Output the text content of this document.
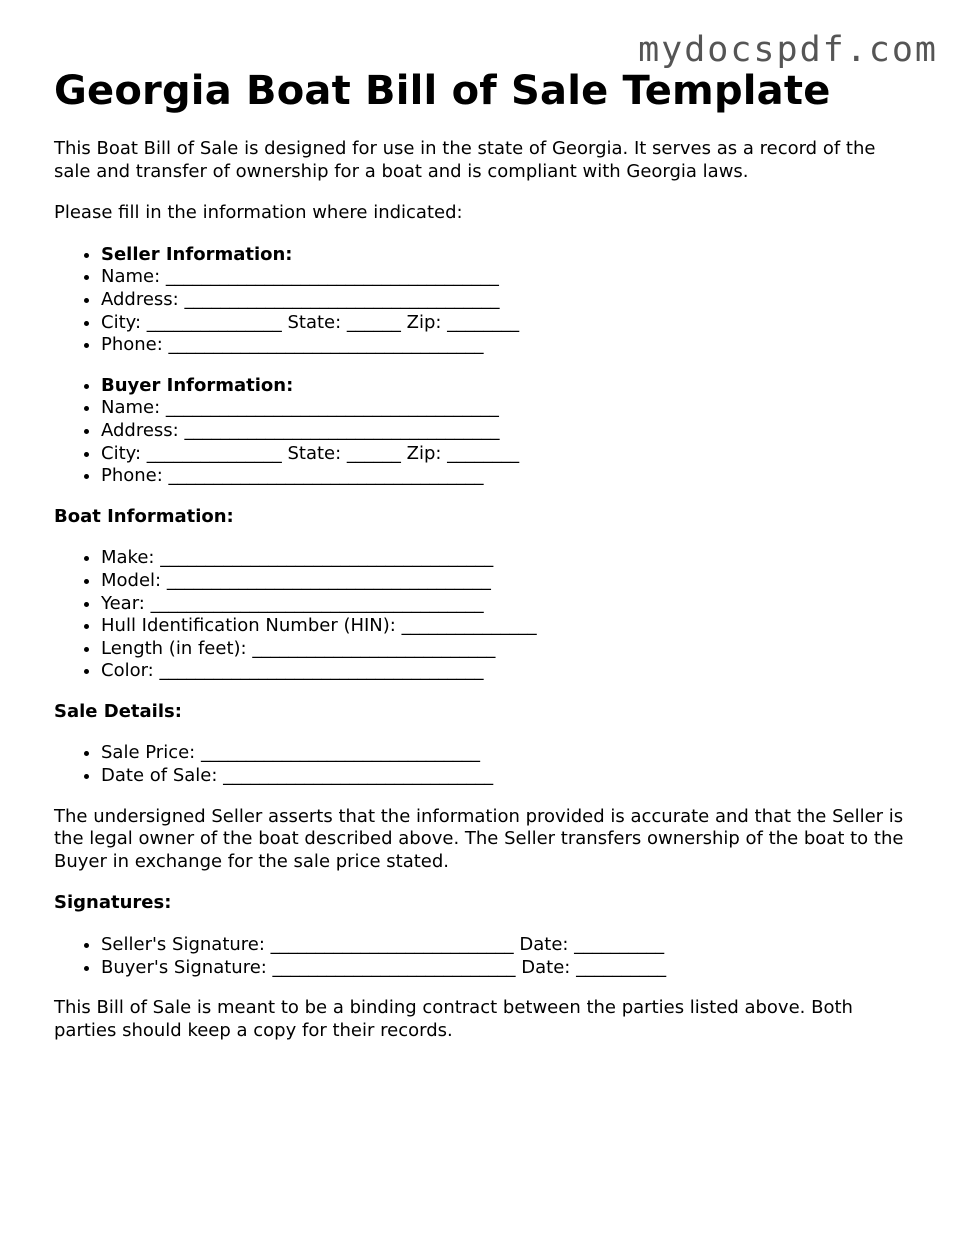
mydocspdf.com
Georgia Boat Bill of Sale Template

This Boat Bill of Sale is designed for use in the state of Georgia. It serves as a record of the sale and transfer of ownership for a boat and is compliant with Georgia laws.

Please fill in the information where indicated:

• Seller Information:
• Name: _____________________________________
• Address: ___________________________________
• City: _______________ State: ______ Zip: ________
• Phone: ___________________________________
• Buyer Information:
• Name: _____________________________________
• Address: ___________________________________
• City: _______________ State: ______ Zip: ________
• Phone: ___________________________________
Boat Information:
• Make: _____________________________________
• Model: ____________________________________
• Year: _____________________________________
• Hull Identification Number (HIN): _______________
• Length (in feet): ___________________________
• Color: ____________________________________
Sale Details:
• Sale Price: _______________________________
• Date of Sale: ______________________________

The undersigned Seller asserts that the information provided is accurate and that the Seller is the legal owner of the boat described above. The Seller transfers ownership of the boat to the Buyer in exchange for the sale price stated.

Signatures:
• Seller's Signature: ___________________________ Date: __________
• Buyer's Signature: ___________________________ Date: __________

This Bill of Sale is meant to be a binding contract between the parties listed above. Both parties should keep a copy for their records.
